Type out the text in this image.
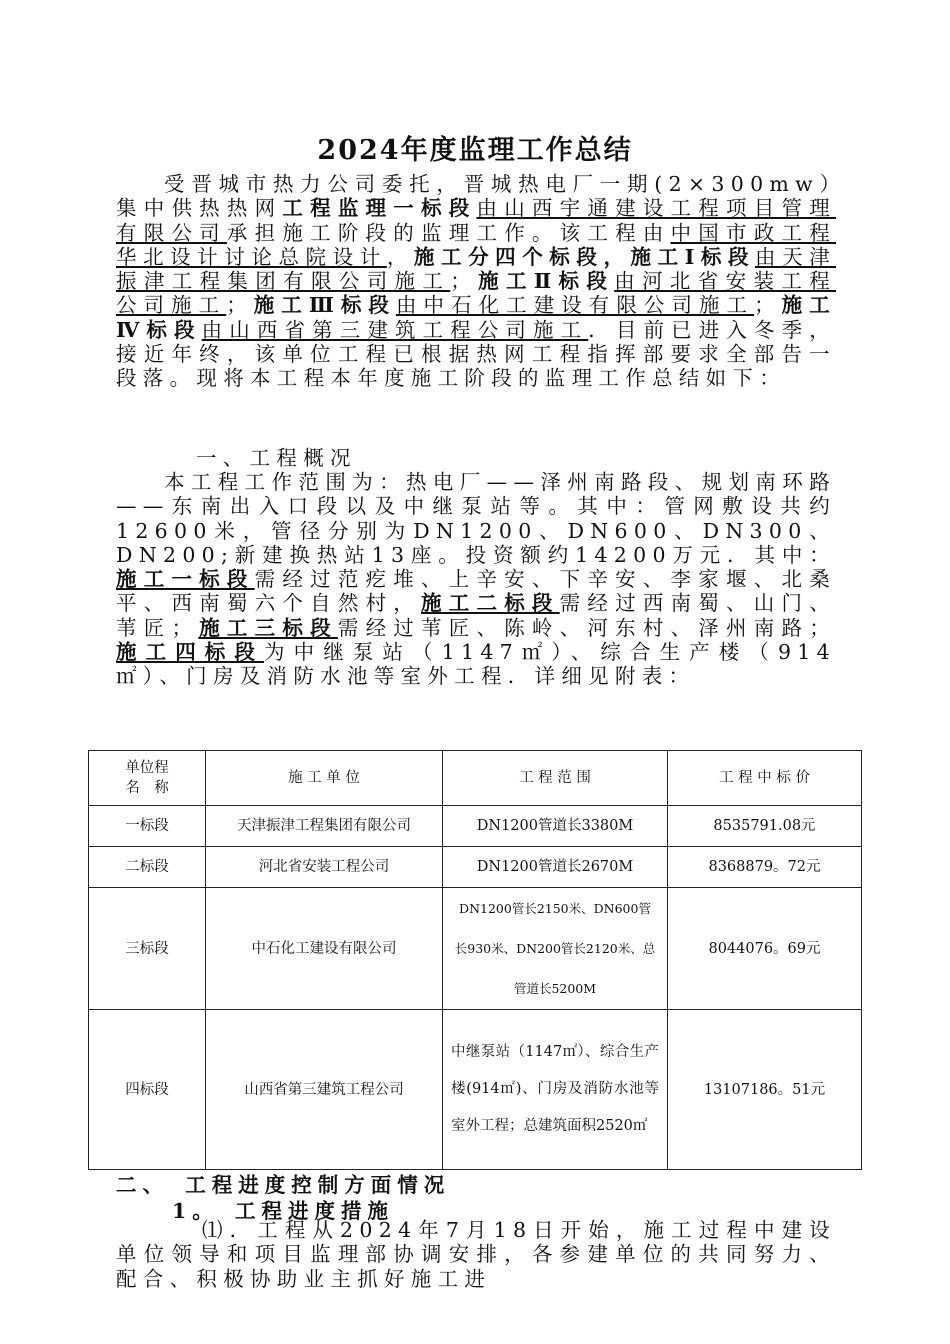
2024年度监理工作总结
受晋城市热力公司委托，晋城热电厂一期(2×300mw）集中供热热网工程监理一标段由山西宇通建设工程项目管理有限公司承担施工阶段的监理工作。该工程由中国市政工程华北设计讨论总院设计，施工分四个标段，施工Ⅰ标段由天津振津工程集团有限公司施工；施工Ⅱ标段由河北省安装工程公司施工；施工Ⅲ标段由中石化工建设有限公司施工；施工Ⅳ标段由山西省第三建筑工程公司施工．目前已进入冬季，接近年终，该单位工程已根据热网工程指挥部要求全部告一段落。现将本工程本年度施工阶段的监理工作总结如下：
一、工程概况
本工程工作范围为：热电厂——泽州南路段、规划南环路——东南出入口段以及中继泵站等。其中：管网敷设共约12600米，管径分别为DN1200、DN600、DN300、DN200;新建换热站13座。投资额约14200万元．其中：施工一标段需经过范疙堆、上辛安、下辛安、李家堰、北桑平、西南蜀六个自然村，施工二标段需经过西南蜀、山门、苇匠；施工三标段需经过苇匠、陈岭、河东村、泽州南路；施工四标段为中继泵站（1147㎡）、综合生产楼（914㎡）、门房及消防水池等室外工程．详细见附表：
单位程
名　称	施 工 单 位	工 程 范 围	工 程 中 标 价
一标段	天津振津工程集团有限公司	DN1200管道长3380M	8535791.08元
二标段	河北省安装工程公司	DN1200管道长2670M	8368879。72元
三标段	中石化工建设有限公司	DN1200管长2150米、DN600管长930米、DN200管长2120米、总管道长5200M	8044076。69元
四标段	山西省第三建筑工程公司	中继泵站（1147㎡）、综合生产楼(914㎡)、门房及消防水池等室外工程；总建筑面积2520㎡	13107186。51元
二、　工程进度控制方面情况
1。　工程进度措施
⑴．工程从2024年7月18日开始，施工过程中建设单位领导和项目监理部协调安排，各参建单位的共同努力、配合、积极协助业主抓好施工进
